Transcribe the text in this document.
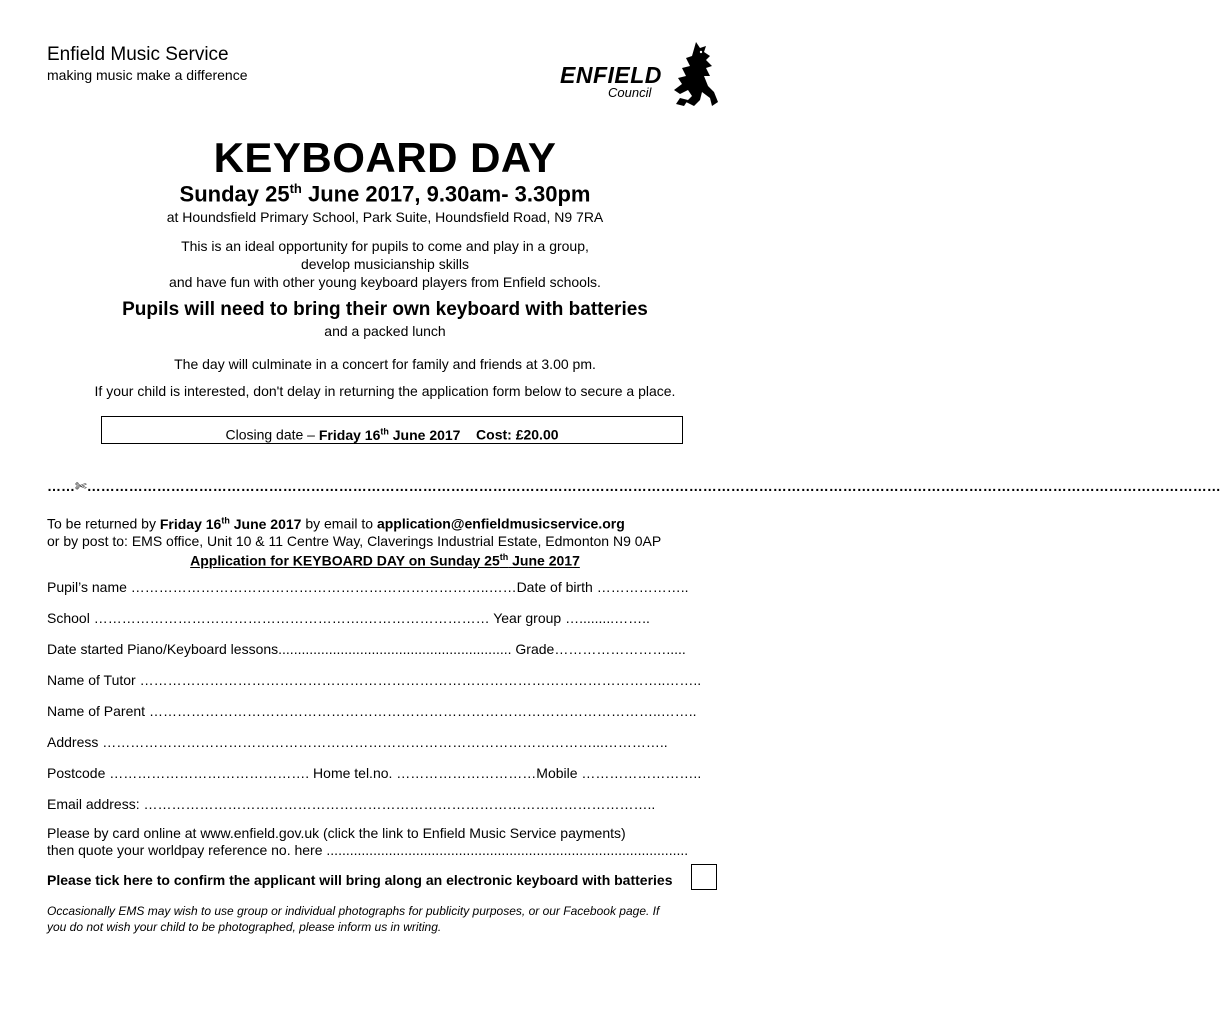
Enfield Music Service
making music make a difference	ENFIELD
Council
KEYBOARD DAY
Sunday 25th June 2017, 9.30am- 3.30pm
at Houndsfield Primary School, Park Suite, Houndsfield Road, N9 7RA
This is an ideal opportunity for pupils to come and play in a group,
develop musicianship skills
and have fun with other young keyboard players from Enfield schools.
Pupils will need to bring their own keyboard with batteries
and a packed lunch
The day will culminate in a concert for family and friends at 3.00 pm.
If your child is interested, don't delay in returning the application form below to secure a place.
Closing date – Friday 16th June 2017 Cost: £20.00
……✄………………………………………………………………………………………………………………………………………………………………………………………………………………………
To be returned by Friday 16th June 2017 by email to application@enfieldmusicservice.org
or by post to: EMS office, Unit 10 & 11 Centre Way, Claverings Industrial Estate, Edmonton N9 0AP
Application for KEYBOARD DAY on Sunday 25th June 2017
Pupil’s name …………………………………………………………………..……Date of birth ………………..
School ………………………………………………….……………………… Year group ….........……..
Date started Piano/Keyboard lessons............................................................ Grade…………………….....
Name of Tutor …………………………………………………………………………………………………..……..
Name of Parent ………………………………………………………………………………………………..……..
Address ……………………………………………………………………………………………...…………..
Postcode ……………………………………. Home tel.no. …………………………Mobile ……………………..
Email address: ………………………………………………………………………………………………..
Please by card online at www.enfield.gov.uk (click the link to Enfield Music Service payments)
then quote your worldpay reference no. here .............................................................................................
Please tick here to confirm the applicant will bring along an electronic keyboard with batteries
Occasionally EMS may wish to use group or individual photographs for publicity purposes, or our Facebook page. If
you do not wish your child to be photographed, please inform us in writing.
